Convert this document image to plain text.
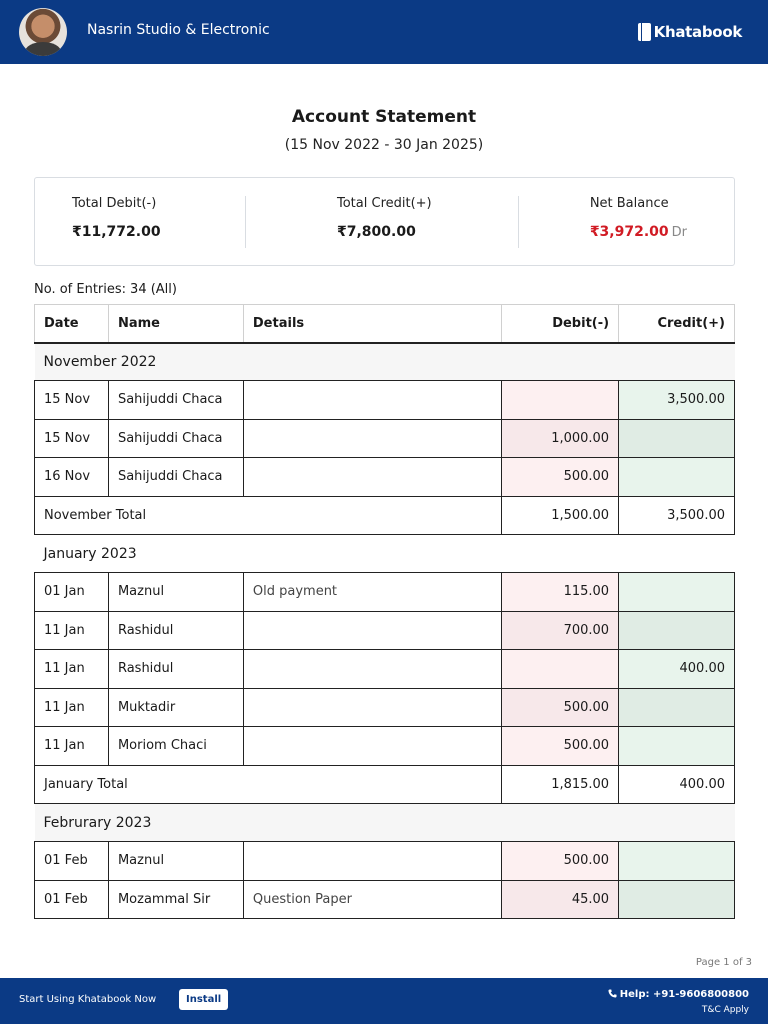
Nasrin Studio & Electronic	Khatabook
Account Statement
(15 Nov 2022 - 30 Jan 2025)
Total Debit(-)
₹11,772.00
Total Credit(+)
₹7,800.00
Net Balance
₹3,972.00 Dr
No. of Entries: 34 (All)
Date	Name	Details	Debit(-)	Credit(+)
November 2022				
15 Nov	Sahijuddi Chaca			3,500.00
15 Nov	Sahijuddi Chaca		1,000.00	
16 Nov	Sahijuddi Chaca		500.00	
November Total			1,500.00	3,500.00
January 2023				
01 Jan	Maznul	Old payment	115.00	
11 Jan	Rashidul		700.00	
11 Jan	Rashidul			400.00
11 Jan	Muktadir		500.00	
11 Jan	Moriom Chaci		500.00	
January Total			1,815.00	400.00
Februrary 2023				
01 Feb	Maznul		500.00	
01 Feb	Mozammal Sir	Question Paper	45.00	
Page 1 of 3
Start Using Khatabook Now	Install	Help: +91-9606800800
T&C Apply
